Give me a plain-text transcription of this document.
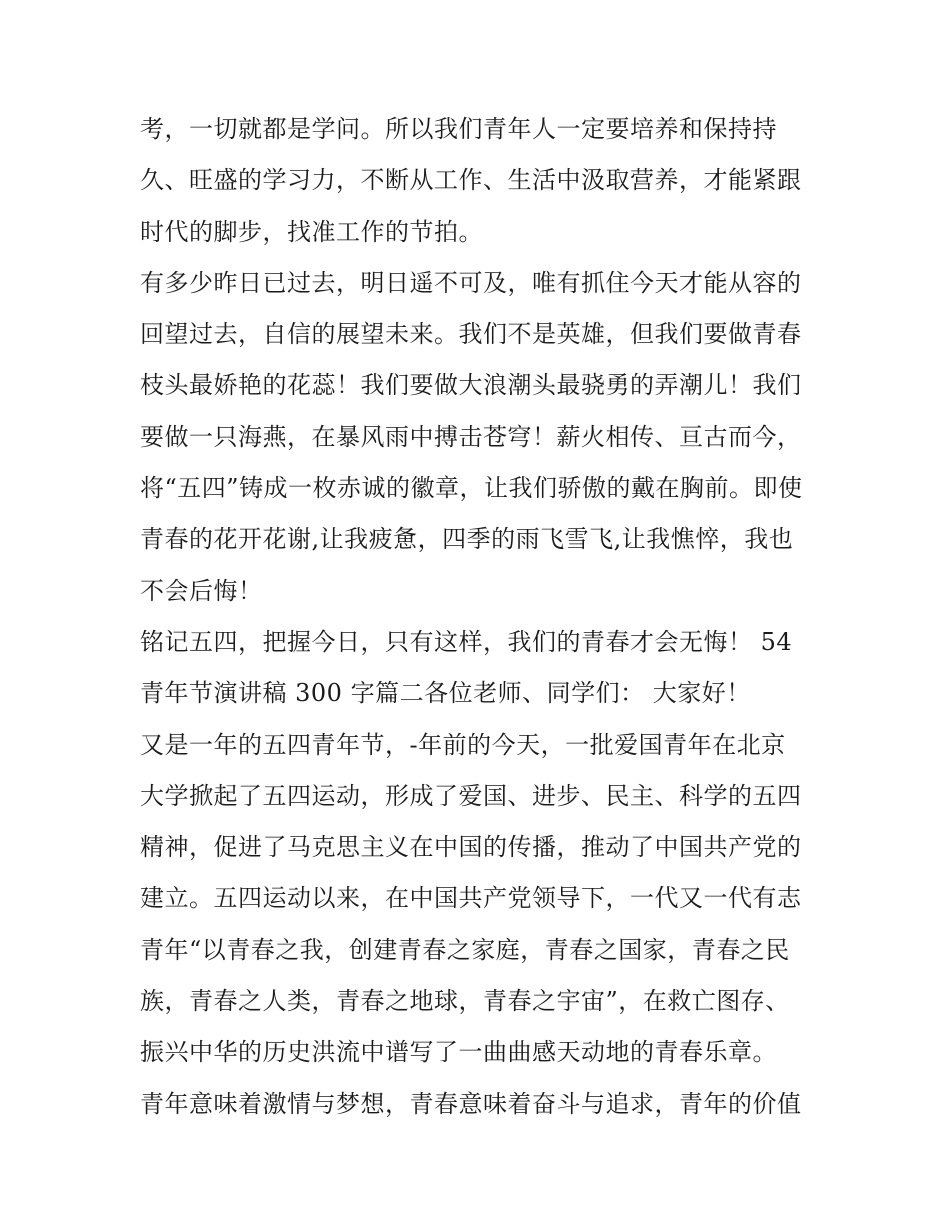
考，一切就都是学问。所以我们青年人一定要培养和保持持
久、旺盛的学习力，不断从工作、生活中汲取营养，才能紧跟
时代的脚步，找准工作的节拍。
有多少昨日已过去，明日遥不可及，唯有抓住今天才能从容的
回望过去，自信的展望未来。我们不是英雄，但我们要做青春
枝头最娇艳的花蕊！我们要做大浪潮头最骁勇的弄潮儿！我们
要做一只海燕，在暴风雨中搏击苍穹！薪火相传、亘古而今，
将“五四”铸成一枚赤诚的徽章，让我们骄傲的戴在胸前。即使
青春的花开花谢,让我疲惫，四季的雨飞雪飞,让我憔悴，我也
不会后悔！
铭记五四，把握今日，只有这样，我们的青春才会无悔！ 54
青年节演讲稿 300 字篇二各位老师、同学们： 大家好！
又是一年的五四青年节，-年前的今天，一批爱国青年在北京
大学掀起了五四运动，形成了爱国、进步、民主、科学的五四
精神，促进了马克思主义在中国的传播，推动了中国共产党的
建立。五四运动以来，在中国共产党领导下，一代又一代有志
青年“以青春之我，创建青春之家庭，青春之国家，青春之民
族，青春之人类，青春之地球，青春之宇宙”，在救亡图存、
振兴中华的历史洪流中谱写了一曲曲感天动地的青春乐章。
青年意味着激情与梦想，青春意味着奋斗与追求，青年的价值
